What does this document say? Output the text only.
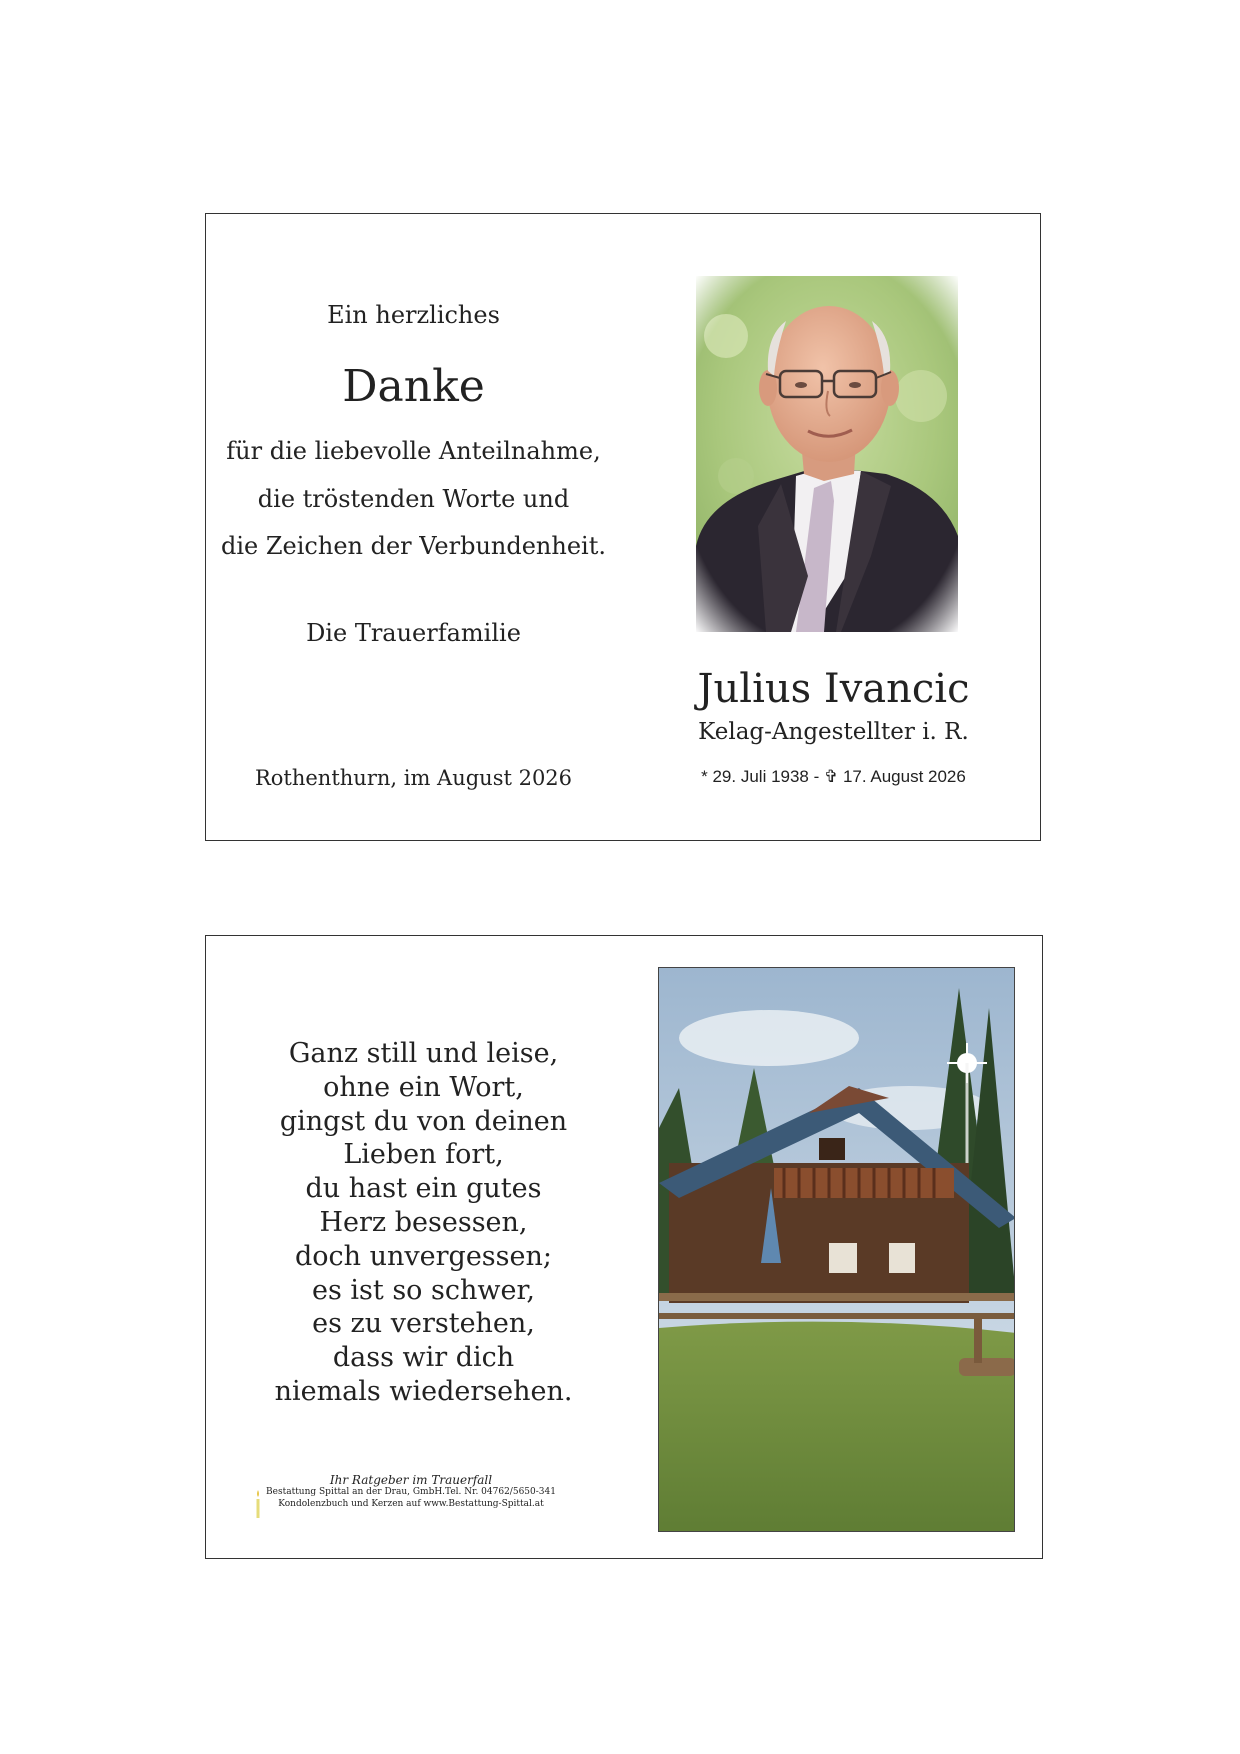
Ein herzliches
Danke
für die liebevolle Anteilnahme,
die tröstenden Worte und
die Zeichen der Verbundenheit.
Die Trauerfamilie
Rothenthurn, im August 2026
Julius Ivancic
Kelag-Angestellter i. R.
* 29. Juli 1938 - ✞ 17. August 2026
Ganz still und leise,
ohne ein Wort,
gingst du von deinen
Lieben fort,
du hast ein gutes
Herz besessen,
doch unvergessen;
es ist so schwer,
es zu verstehen,
dass wir dich
niemals wiedersehen.
Ihr Ratgeber im Trauerfall
Bestattung Spittal an der Drau, GmbH.Tel. Nr. 04762/5650-341
Kondolenzbuch und Kerzen auf www.Bestattung-Spittal.at
